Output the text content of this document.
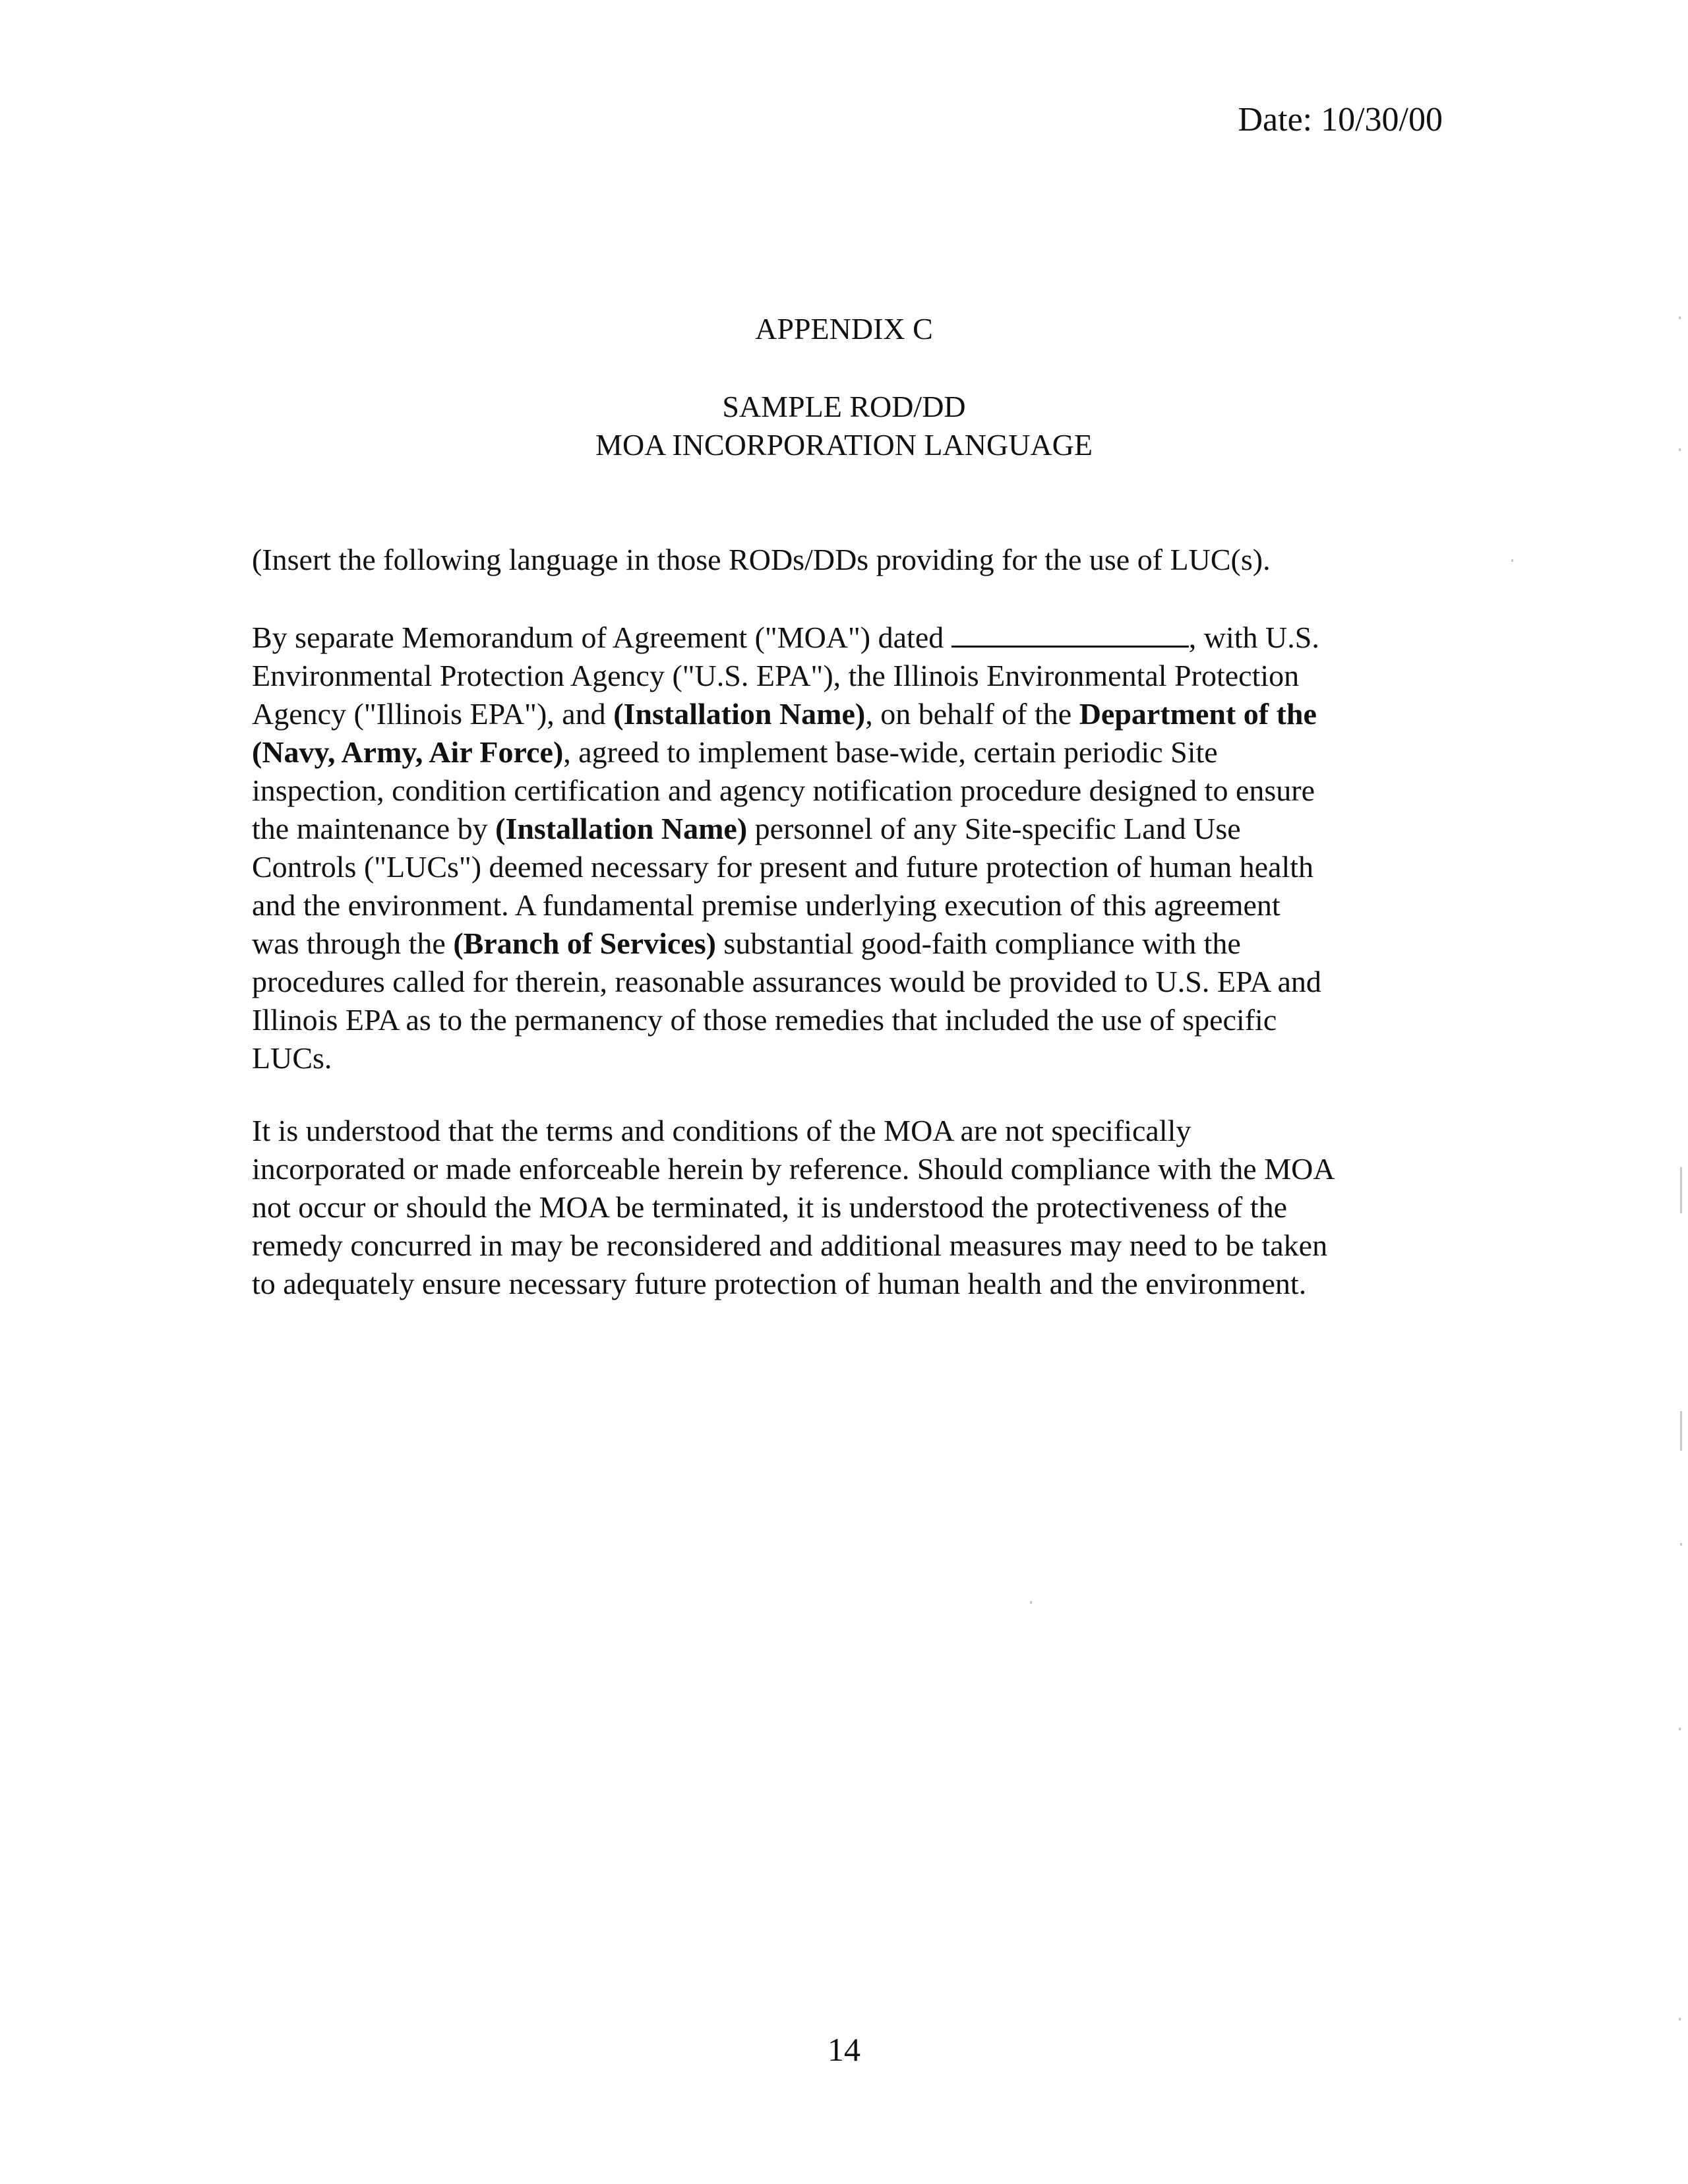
Date: 10/30/00
APPENDIX C
SAMPLE ROD/DD
MOA INCORPORATION LANGUAGE
(Insert the following language in those RODs/DDs providing for the use of LUC(s).
By separate Memorandum of Agreement ("MOA") dated	, with U.S.
Environmental Protection Agency ("U.S. EPA"), the Illinois Environmental Protection
Agency ("Illinois EPA"), and (Installation Name), on behalf of the Department of the
(Navy, Army, Air Force), agreed to implement base-wide, certain periodic Site
inspection, condition certification and agency notification procedure designed to ensure
the maintenance by (Installation Name) personnel of any Site-specific Land Use
Controls ("LUCs") deemed necessary for present and future protection of human health
and the environment. A fundamental premise underlying execution of this agreement
was through the (Branch of Services) substantial good-faith compliance with the
procedures called for therein, reasonable assurances would be provided to U.S. EPA and
Illinois EPA as to the permanency of those remedies that included the use of specific
LUCs.
It is understood that the terms and conditions of the MOA are not specifically
incorporated or made enforceable herein by reference. Should compliance with the MOA
not occur or should the MOA be terminated, it is understood the protectiveness of the
remedy concurred in may be reconsidered and additional measures may need to be taken
to adequately ensure necessary future protection of human health and the environment.
14
